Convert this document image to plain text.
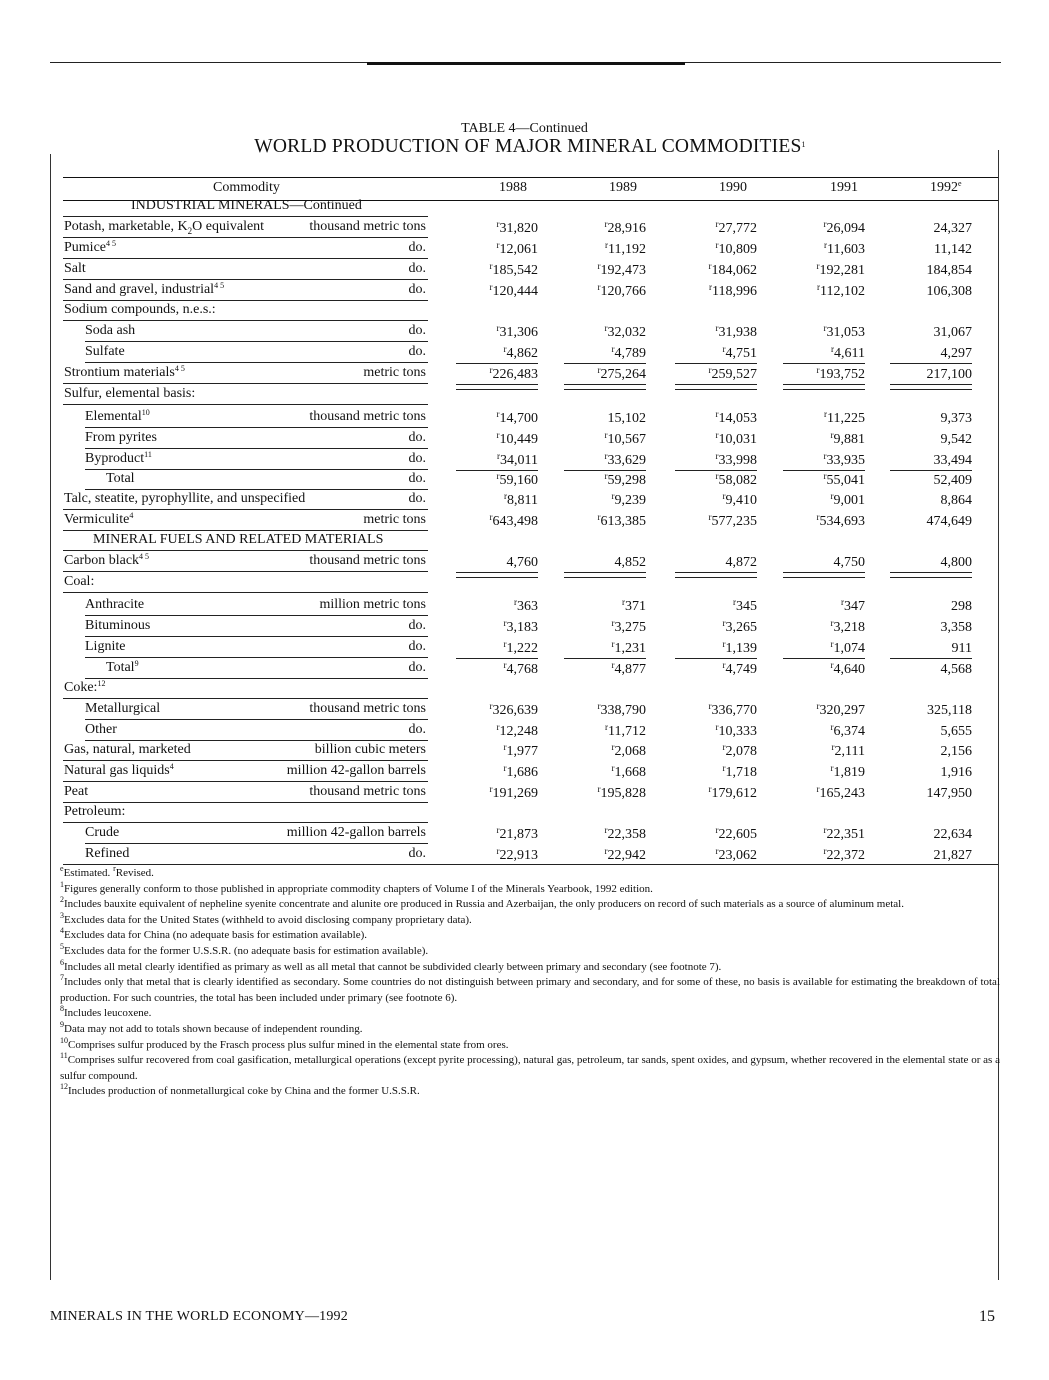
TABLE 4—Continued
WORLD PRODUCTION OF MAJOR MINERAL COMMODITIES$^1$
Commodity	1988	1989	1990	1991	1992e
INDUSTRIAL MINERALS—Continued
Potash, marketable, $K_2O$ equivalent	thousand metric tons	$^r$31,820	$^r$28,916	$^r$27,772	$^r$26,094	24,327
Pumice$^{4 5}$	do.	$^r$12,061	$^r$11,192	$^r$10,809	$^r$11,603	11,142
Salt	do.	$^r$185,542	$^r$192,473	$^r$184,062	$^r$192,281	184,854
Sand and gravel, industrial$^{4 5}$	do.	$^r$120,444	$^r$120,766	$^r$118,996	$^r$112,102	106,308
Sodium compounds, n.e.s.:
Soda ash	do.	$^r$31,306	$^r$32,032	$^r$31,938	$^r$31,053	31,067
Sulfate	do.	$^r$4,862	$^r$4,789	$^r$4,751	$^r$4,611	4,297
Strontium materials$^{4 5}$	metric tons	$^r$226,483	$^r$275,264	$^r$259,527	$^r$193,752	217,100
Sulfur, elemental basis:
Elemental$^{10}$	thousand metric tons	$^r$14,700	15,102	$^r$14,053	$^r$11,225	9,373
From pyrites	do.	$^r$10,449	$^r$10,567	$^r$10,031	$^r$9,881	9,542
Byproduct$^{11}$	do.	$^r$34,011	$^r$33,629	$^r$33,998	$^r$33,935	33,494
Total	do.	$^r$59,160	$^r$59,298	$^r$58,082	$^r$55,041	52,409
Talc, steatite, pyrophyllite, and unspecified	do.	$^r$8,811	$^r$9,239	$^r$9,410	$^r$9,001	8,864
Vermiculite$^4$	metric tons	$^r$643,498	$^r$613,385	$^r$577,235	$^r$534,693	474,649
MINERAL FUELS AND RELATED MATERIALS
Carbon black$^{4 5}$	thousand metric tons	4,760	4,852	4,872	4,750	4,800
Coal:
Anthracite	million metric tons	$^r$363	$^r$371	$^r$345	$^r$347	298
Bituminous	do.	$^r$3,183	$^r$3,275	$^r$3,265	$^r$3,218	3,358
Lignite	do.	$^r$1,222	$^r$1,231	$^r$1,139	$^r$1,074	911
Total$^9$	do.	$^r$4,768	$^r$4,877	$^r$4,749	$^r$4,640	4,568
Coke:$^{12}$
Metallurgical	thousand metric tons	$^r$326,639	$^r$338,790	$^r$336,770	$^r$320,297	325,118
Other	do.	$^r$12,248	$^r$11,712	$^r$10,333	$^r$6,374	5,655
Gas, natural, marketed	billion cubic meters	$^r$1,977	$^r$2,068	$^r$2,078	$^r$2,111	2,156
Natural gas liquids$^4$	million 42-gallon barrels	$^r$1,686	$^r$1,668	$^r$1,718	$^r$1,819	1,916
Peat	thousand metric tons	$^r$191,269	$^r$195,828	$^r$179,612	$^r$165,243	147,950
Petroleum:
Crude	million 42-gallon barrels	$^r$21,873	$^r$22,358	$^r$22,605	$^r$22,351	22,634
Refined	do.	$^r$22,913	$^r$22,942	$^r$23,062	$^r$22,372	21,827
$^e$Estimated. $^r$Revised.
$^1$Figures generally conform to those published in appropriate commodity chapters of Volume I of the Minerals Yearbook, 1992 edition.
$^2$Includes bauxite equivalent of nepheline syenite concentrate and alunite ore produced in Russia and Azerbaijan, the only producers on record of such materials as a source of aluminum metal.
$^3$Excludes data for the United States (withheld to avoid disclosing company proprietary data).
$^4$Excludes data for China (no adequate basis for estimation available).
$^5$Excludes data for the former U.S.S.R. (no adequate basis for estimation available).
$^6$Includes all metal clearly identified as primary as well as all metal that cannot be subdivided clearly between primary and secondary (see footnote 7).
$^7$Includes only that metal that is clearly identified as secondary. Some countries do not distinguish between primary and secondary, and for some of these, no basis is available for estimating the breakdown of total production. For such countries, the total has been included under primary (see footnote 6).
$^8$Includes leucoxene.
$^9$Data may not add to totals shown because of independent rounding.
$^{10}$Comprises sulfur produced by the Frasch process plus sulfur mined in the elemental state from ores.
$^{11}$Comprises sulfur recovered from coal gasification, metallurgical operations (except pyrite processing), natural gas, petroleum, tar sands, spent oxides, and gypsum, whether recovered in the elemental state or as a sulfur compound.
$^{12}$Includes production of nonmetallurgical coke by China and the former U.S.S.R.
MINERALS IN THE WORLD ECONOMY—1992	15
